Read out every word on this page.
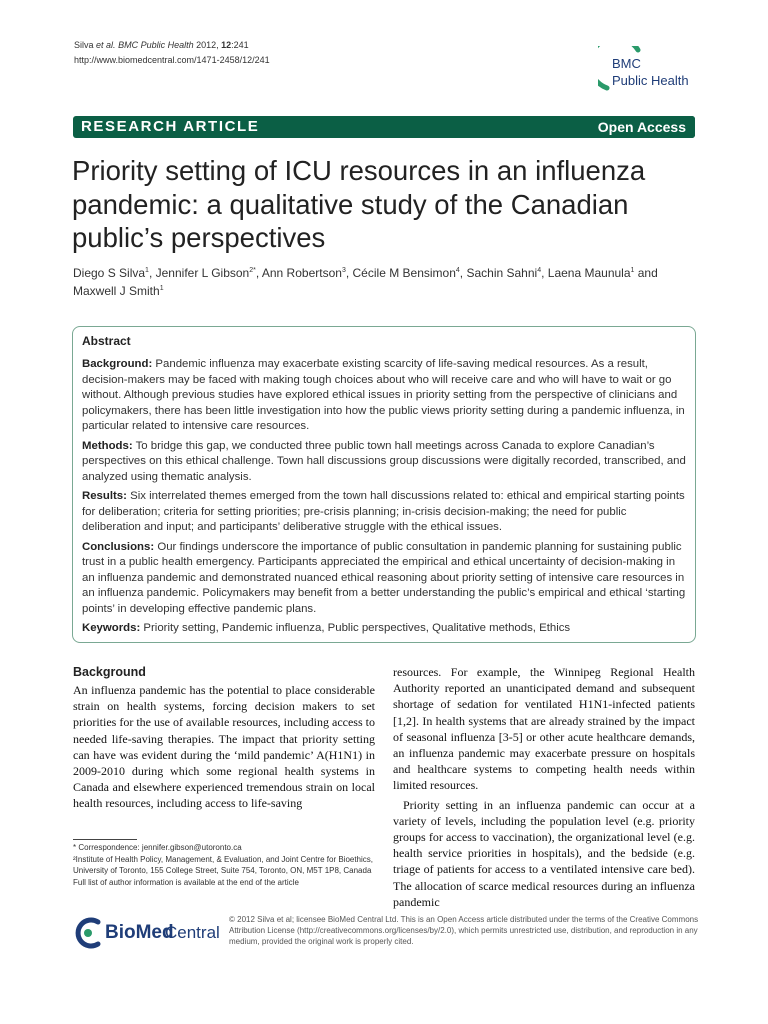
Silva et al. BMC Public Health 2012, 12:241
http://www.biomedcentral.com/1471-2458/12/241	BMC
Public Health
RESEARCH ARTICLE	Open Access
Priority setting of ICU resources in an influenza pandemic: a qualitative study of the Canadian public’s perspectives
Diego S Silva$^1$, Jennifer L Gibson$^{2*}$, Ann Robertson$^3$, Cécile M Bensimon$^4$, Sachin Sahni$^4$, Laena Maunula$^1$ and Maxwell J Smith$^1$
Abstract

Background: Pandemic influenza may exacerbate existing scarcity of life-saving medical resources. As a result, decision-makers may be faced with making tough choices about who will receive care and who will have to wait or go without. Although previous studies have explored ethical issues in priority setting from the perspective of clinicians and policymakers, there has been little investigation into how the public views priority setting during a pandemic influenza, in particular related to intensive care resources.

Methods: To bridge this gap, we conducted three public town hall meetings across Canada to explore Canadian’s perspectives on this ethical challenge. Town hall discussions group discussions were digitally recorded, transcribed, and analyzed using thematic analysis.

Results: Six interrelated themes emerged from the town hall discussions related to: ethical and empirical starting points for deliberation; criteria for setting priorities; pre-crisis planning; in-crisis decision-making; the need for public deliberation and input; and participants’ deliberative struggle with the ethical issues.

Conclusions: Our findings underscore the importance of public consultation in pandemic planning for sustaining public trust in a public health emergency. Participants appreciated the empirical and ethical uncertainty of decision-making in an influenza pandemic and demonstrated nuanced ethical reasoning about priority setting of intensive care resources in an influenza pandemic. Policymakers may benefit from a better understanding the public’s empirical and ethical ‘starting points’ in developing effective pandemic plans.

Keywords: Priority setting, Pandemic influenza, Public perspectives, Qualitative methods, Ethics

Background

An influenza pandemic has the potential to place considerable strain on health systems, forcing decision makers to set priorities for the use of available resources, including access to needed life-saving therapies. The impact that priority setting can have was evident during the ‘mild pandemic’ A(H1N1) in 2009-2010 during which some regional health systems in Canada and elsewhere experienced tremendous strain on local health resources, including access to life-saving

resources. For example, the Winnipeg Regional Health Authority reported an unanticipated demand and subsequent shortage of sedation for ventilated H1N1-infected patients [1,2]. In health systems that are already strained by the impact of seasonal influenza [3-5] or other acute healthcare demands, an influenza pandemic may exacerbate pressure on hospitals and healthcare systems to competing health needs within limited resources.

Priority setting in an influenza pandemic can occur at a variety of levels, including the population level (e.g. priority groups for access to vaccination), the organizational level (e.g. health service priorities in hospitals), and the bedside (e.g. triage of patients for access to a ventilated intensive care bed). The allocation of scarce medical resources during an influenza pandemic

* Correspondence: jennifer.gibson@utoronto.ca
²Institute of Health Policy, Management, & Evaluation, and Joint Centre for Bioethics, University of Toronto, 155 College Street, Suite 754, Toronto, ON, M5T 1P8, Canada
Full list of author information is available at the end of the article
BioMed
Central
© 2012 Silva et al; licensee BioMed Central Ltd. This is an Open Access article distributed under the terms of the Creative Commons Attribution License (http://creativecommons.org/licenses/by/2.0), which permits unrestricted use, distribution, and reproduction in any medium, provided the original work is properly cited.
